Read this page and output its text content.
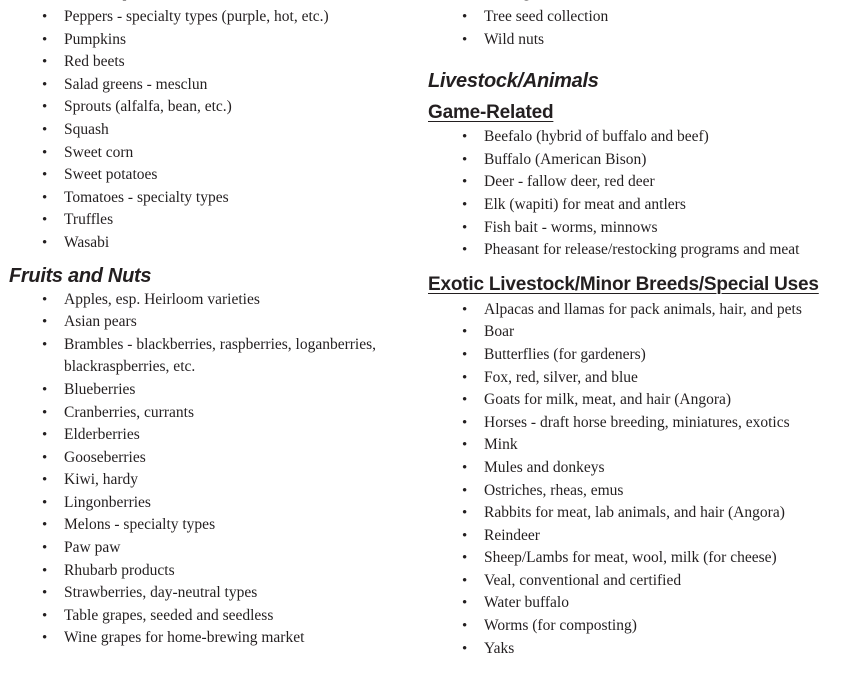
• Peppers - specialty types (purple, hot, etc.)
• Pumpkins
• Red beets
• Salad greens - mesclun
• Sprouts (alfalfa, bean, etc.)
• Squash
• Sweet corn
• Sweet potatoes
• Tomatoes - specialty types
• Truffles
• Wasabi
Fruits and Nuts
• Apples, esp. Heirloom varieties
• Asian pears
• Brambles - blackberries, raspberries, loganberries,
blackraspberries, etc.
• Blueberries
• Cranberries, currants
• Elderberries
• Gooseberries
• Kiwi, hardy
• Lingonberries
• Melons - specialty types
• Paw paw
• Rhubarb products
• Strawberries, day-neutral types
• Table grapes, seeded and seedless
• Wine grapes for home-brewing market
• Tree seed collection
• Wild nuts
Livestock/Animals
Game-Related
• Beefalo (hybrid of buffalo and beef)
• Buffalo (American Bison)
• Deer - fallow deer, red deer
• Elk (wapiti) for meat and antlers
• Fish bait - worms, minnows
• Pheasant for release/restocking programs and meat
Exotic Livestock/Minor Breeds/Special Uses
• Alpacas and llamas for pack animals, hair, and pets
• Boar
• Butterflies (for gardeners)
• Fox, red, silver, and blue
• Goats for milk, meat, and hair (Angora)
• Horses - draft horse breeding, miniatures, exotics
• Mink
• Mules and donkeys
• Ostriches, rheas, emus
• Rabbits for meat, lab animals, and hair (Angora)
• Reindeer
• Sheep/Lambs for meat, wool, milk (for cheese)
• Veal, conventional and certified
• Water buffalo
• Worms (for composting)
• Yaks
